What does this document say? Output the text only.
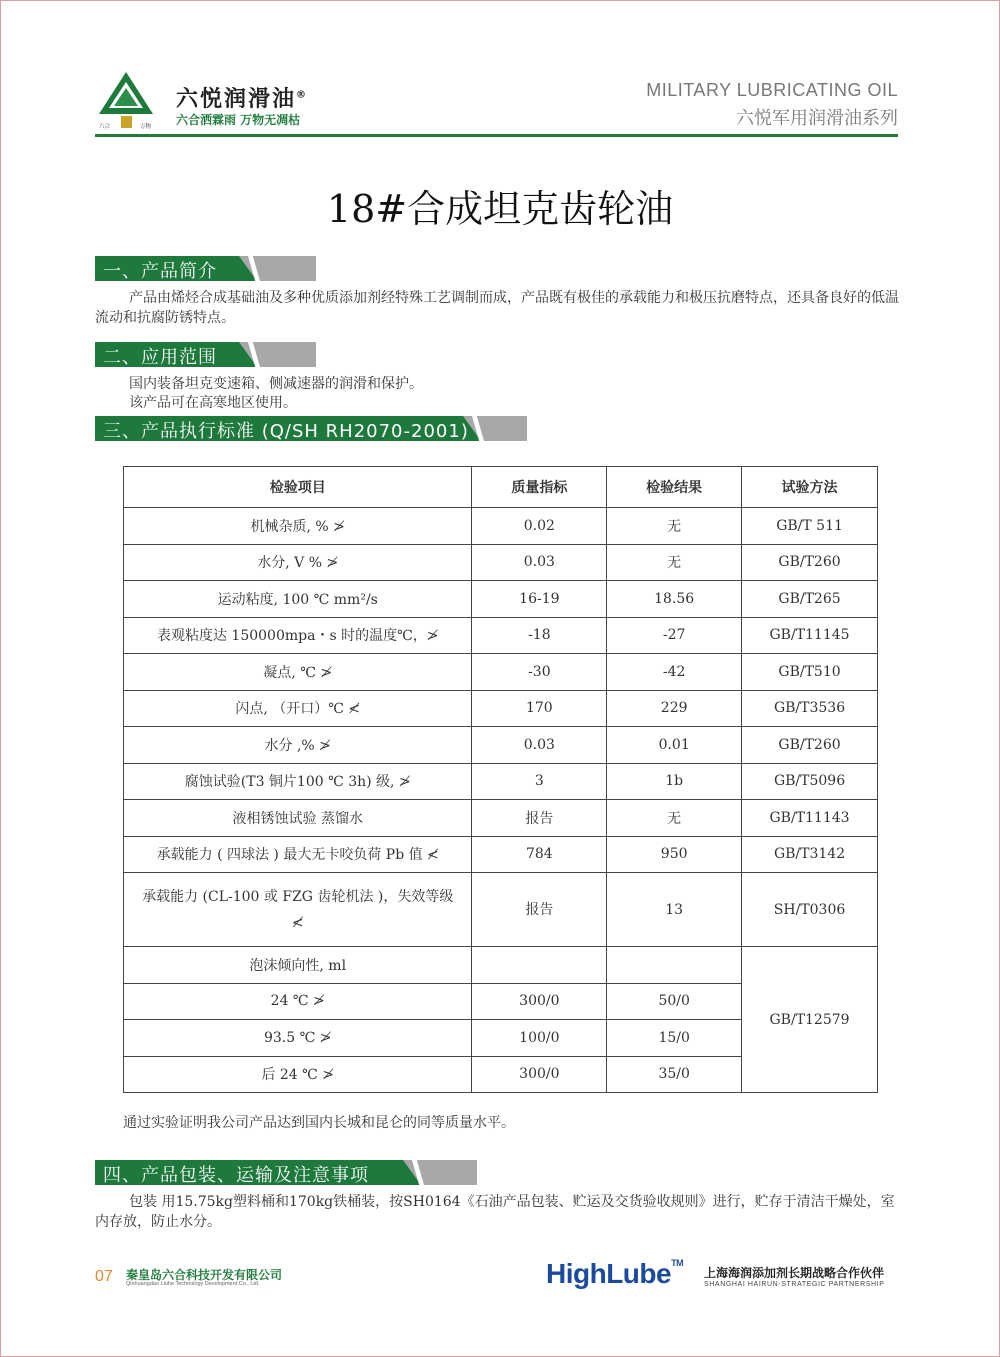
六合	万物
六悦润滑油®
六合洒霖雨 万物无凋枯
MILITARY LUBRICATING OIL
六悦军用润滑油系列
18#合成坦克齿轮油
一、产品简介
产品由烯烃合成基础油及多种优质添加剂经特殊工艺调制而成，产品既有极佳的承载能力和极压抗磨特点，还具备良好的低温流动和抗腐防锈特点。
二、应用范围
国内装备坦克变速箱、侧减速器的润滑和保护。
该产品可在高寒地区使用。
三、产品执行标准 (Q/SH RH2070-2001)
检验项目	质量指标	检验结果	试验方法
机械杂质, % ≯	0.02	无	GB/T 511
水分, V % ≯	0.03	无	GB/T260
运动粘度, 100 ℃ mm²/s	16-19	18.56	GB/T265
表观粘度达 150000mpa・s 时的温度℃，≯	-18	-27	GB/T11145
凝点, ℃ ≯	-30	-42	GB/T510
闪点, （开口）℃ ≮	170	229	GB/T3536
水分 ,% ≯	0.03	0.01	GB/T260
腐蚀试验(T3 铜片100 ℃ 3h) 级, ≯	3	1b	GB/T5096
液相锈蚀试验 蒸馏水	报告	无	GB/T11143
承载能力 ( 四球法 ) 最大无卡咬负荷 Pb 值 ≮	784	950	GB/T3142
承载能力 (CL-100 或 FZG 齿轮机法 )，失效等级 ≮	报告	13	SH/T0306
泡沫倾向性, ml			GB/T12579
24 ℃ ≯	300/0	50/0	
93.5 ℃ ≯	100/0	15/0	
后 24 ℃ ≯	300/0	35/0	
通过实验证明我公司产品达到国内长城和昆仑的同等质量水平。
四、产品包装、运输及注意事项
包装 用15.75kg塑料桶和170kg铁桶装，按SH0164《石油产品包装、贮运及交货验收规则》进行，贮存于清洁干燥处，室内存放，防止水分。
07 秦皇岛六合科技开发有限公司
Qinhuangdao Liuhe Technology Development Co., Ltd.	HighLube™
上海海润添加剂长期战略合作伙伴
SHANGHAI HAIRUN-STRATEGIC PARTNERSHIP
